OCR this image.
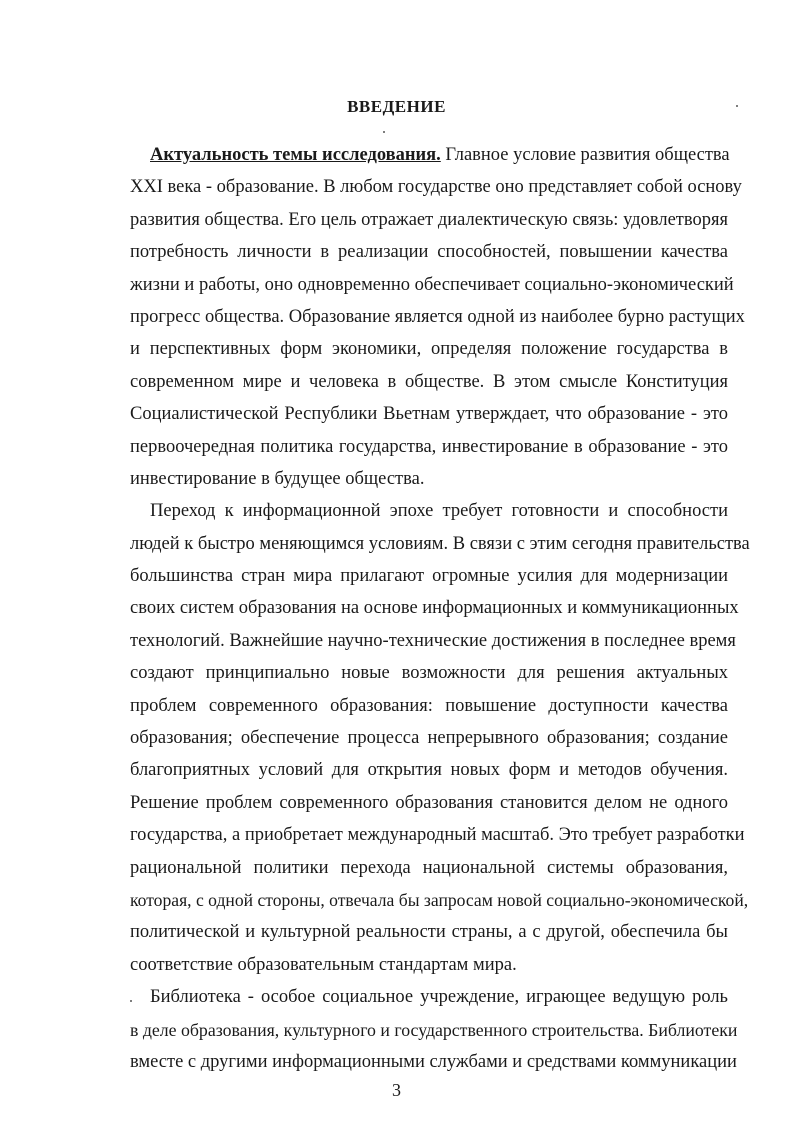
ВВЕДЕНИЕ
Актуальность темы исследования. Главное условие развития общества
XXI века - образование. В любом государстве оно представляет собой основу
развития общества. Его цель отражает диалектическую связь: удовлетворяя
потребность личности в реализации способностей, повышении качества
жизни и работы, оно одновременно обеспечивает социально-экономический
прогресс общества. Образование является одной из наиболее бурно растущих
и перспективных форм экономики, определяя положение государства в
современном мире и человека в обществе. В этом смысле Конституция
Социалистической Республики Вьетнам утверждает, что образование - это
первоочередная политика государства, инвестирование в образование - это
инвестирование в будущее общества.
Переход к информационной эпохе требует готовности и способности
людей к быстро меняющимся условиям. В связи с этим сегодня правительства
большинства стран мира прилагают огромные усилия для модернизации
своих систем образования на основе информационных и коммуникационных
технологий. Важнейшие научно-технические достижения в последнее время
создают принципиально новые возможности для решения актуальных
проблем современного образования: повышение доступности качества
образования; обеспечение процесса непрерывного образования; создание
благоприятных условий для открытия новых форм и методов обучения.
Решение проблем современного образования становится делом не одного
государства, а приобретает международный масштаб. Это требует разработки
рациональной политики перехода национальной системы образования,
которая, с одной стороны, отвечала бы запросам новой социально-экономической,
политической и культурной реальности страны, а с другой, обеспечила бы
соответствие образовательным стандартам мира.
Библиотека - особое социальное учреждение, играющее ведущую роль
в деле образования, культурного и государственного строительства. Библиотеки
вместе с другими информационными службами и средствами коммуникации
3
